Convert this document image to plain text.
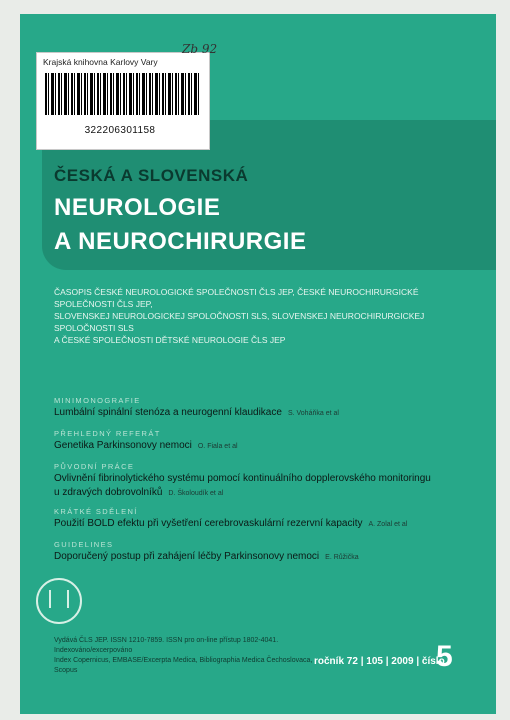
Krajská knihovna Karlovy Vary
322206301158
Zb 92
ČESKÁ A SLOVENSKÁ
NEUROLOGIE
A NEUROCHIRURGIE
ČASOPIS ČESKÉ NEUROLOGICKÉ SPOLEČNOSTI ČLS JEP, ČESKÉ NEUROCHIRURGICKÉ SPOLEČNOSTI ČLS JEP,
SLOVENSKEJ NEUROLOGICKEJ SPOLOČNOSTI SLS, SLOVENSKEJ NEUROCHIRURGICKEJ SPOLOČNOSTI SLS
A ČESKÉ SPOLEČNOSTI DĚTSKÉ NEUROLOGIE ČLS JEP
MINIMONOGRAFIE
Lumbální spinální stenóza a neurogenní klaudikace S. Voháňka et al
PŘEHLEDNÝ REFERÁT
Genetika Parkinsonovy nemoci O. Fiala et al
PŮVODNÍ PRÁCE
Ovlivnění fibrinolytického systému pomocí kontinuálního dopplerovského monitoringu
u zdravých dobrovolníků D. Školoudík et al
KRÁTKÉ SDĚLENÍ
Použití BOLD efektu při vyšetření cerebrovaskulární rezervní kapacity A. Zolal et al
GUIDELINES
Doporučený postup při zahájení léčby Parkinsonovy nemoci E. Růžička
Vydává ČLS JEP. ISSN 1210-7859. ISSN pro on-line přístup 1802-4041.
Indexováno/excerpováno
Index Copernicus, EMBASE/Excerpta Medica, Bibliographia Medica Čechoslovaca, Scopus
ročník 72 | 105 | 2009 | číslo
5
